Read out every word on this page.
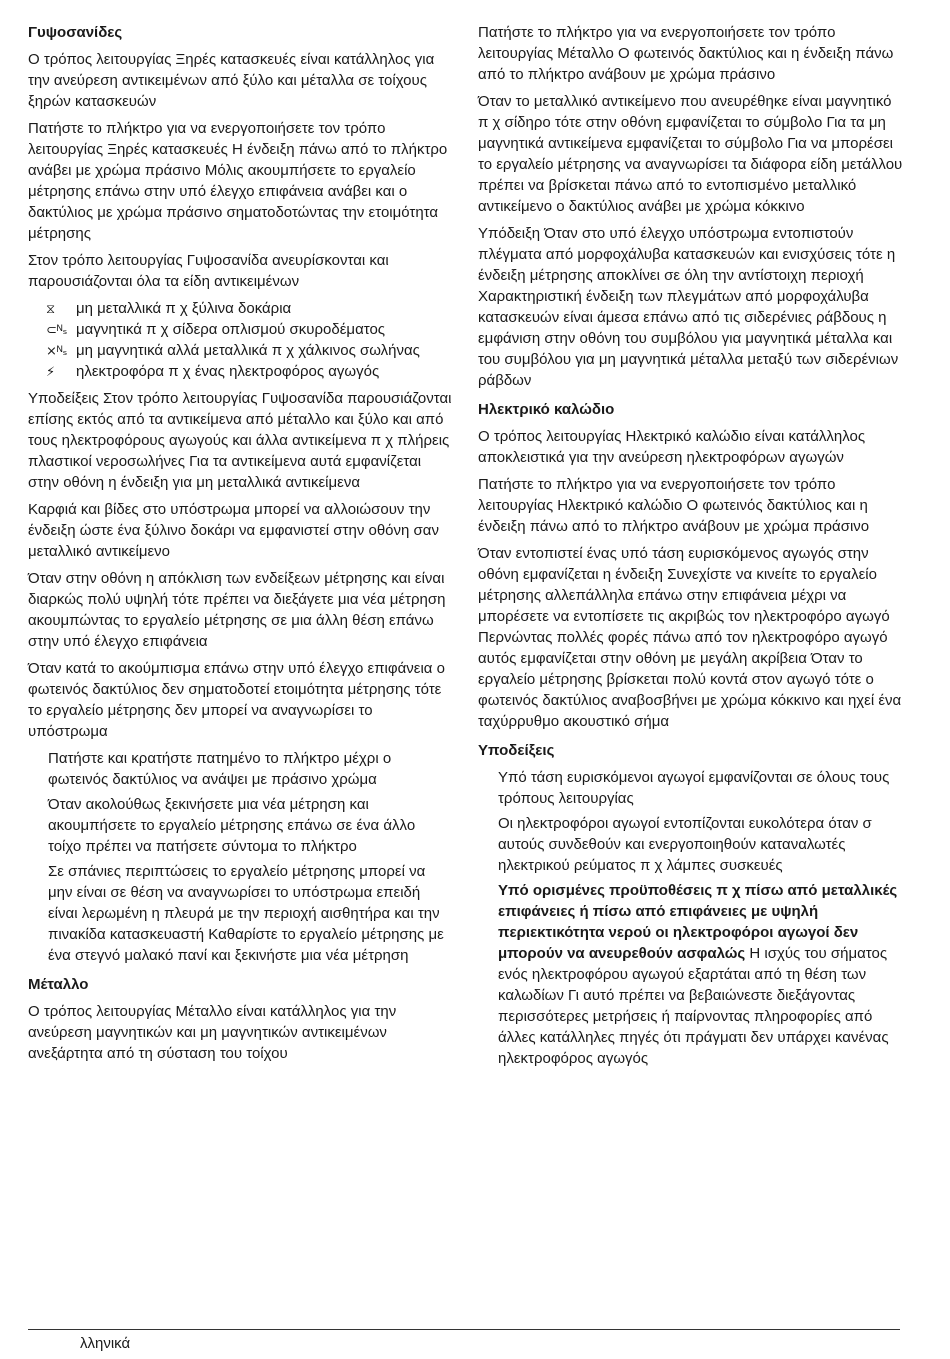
Γυψοσανίδες

Ο τρόπος λειτουργίας Ξηρές κατασκευές είναι κατάλληλος για την ανεύρεση αντικειμένων από ξύλο και μέταλλα σε τοίχους ξηρών κατασκευών

Πατήστε το πλήκτρο για να ενεργοποιήσετε τον τρόπο λειτουργίας Ξηρές κατασκευές Η ένδειξη πάνω από το πλήκτρο ανάβει με χρώμα πράσινο Μόλις ακουμπήσετε το εργαλείο μέτρησης επάνω στην υπό έλεγχο επιφάνεια ανάβει και ο δακτύλιος με χρώμα πράσινο σηματοδοτώντας την ετοιμότητα μέτρησης

Στον τρόπο λειτουργίας Γυψοσανίδα ανευρίσκονται και παρουσιάζονται όλα τα είδη αντικειμένων

⧖	μη μεταλλικά π χ ξύλινα δοκάρια
⊂ᴺₛ μαγνητικά π χ σίδερα οπλισμού σκυροδέματος
⨯ᴺₛ μη μαγνητικά αλλά μεταλλικά π χ χάλκινος σωλήνας
⚡	ηλεκτροφόρα π χ ένας ηλεκτροφόρος αγωγός

Υποδείξεις Στον τρόπο λειτουργίας Γυψοσανίδα παρουσιάζονται επίσης εκτός από τα αντικείμενα από μέταλλο και ξύλο και από τους ηλεκτροφόρους αγωγούς και άλλα αντικείμενα π χ πλήρεις πλαστικοί νεροσωλήνες Για τα αντικείμενα αυτά εμφανίζεται στην οθόνη η ένδειξη για μη μεταλλικά αντικείμενα

Καρφιά και βίδες στο υπόστρωμα μπορεί να αλλοιώσουν την ένδειξη ώστε ένα ξύλινο δοκάρι να εμφανιστεί στην οθόνη σαν μεταλλικό αντικείμενο

Όταν στην οθόνη η απόκλιση των ενδείξεων μέτρησης και είναι διαρκώς πολύ υψηλή τότε πρέπει να διεξάγετε μια νέα μέτρηση ακουμπώντας το εργαλείο μέτρησης σε μια άλλη θέση επάνω στην υπό έλεγχο επιφάνεια

Όταν κατά το ακούμπισμα επάνω στην υπό έλεγχο επιφάνεια ο φωτεινός δακτύλιος δεν σηματοδοτεί ετοιμότητα μέτρησης τότε το εργαλείο μέτρησης δεν μπορεί να αναγνωρίσει το υπόστρωμα

Πατήστε και κρατήστε πατημένο το πλήκτρο μέχρι ο φωτεινός δακτύλιος να ανάψει με πράσινο χρώμα
Όταν ακολούθως ξεκινήσετε μια νέα μέτρηση και ακουμπήσετε το εργαλείο μέτρησης επάνω σε ένα άλλο τοίχο πρέπει να πατήσετε σύντομα το πλήκτρο
Σε σπάνιες περιπτώσεις το εργαλείο μέτρησης μπορεί να μην είναι σε θέση να αναγνωρίσει το υπόστρωμα επειδή είναι λερωμένη η πλευρά με την περιοχή αισθητήρα και την πινακίδα κατασκευαστή Καθαρίστε το εργαλείο μέτρησης με ένα στεγνό μαλακό πανί και ξεκινήστε μια νέα μέτρηση

Μέταλλο

Ο τρόπος λειτουργίας Μέταλλο είναι κατάλληλος για την ανεύρεση μαγνητικών και μη μαγνητικών αντικειμένων ανεξάρτητα από τη σύσταση του τοίχου

Πατήστε το πλήκτρο για να ενεργοποιήσετε τον τρόπο λειτουργίας Μέταλλο Ο φωτεινός δακτύλιος και η ένδειξη πάνω από το πλήκτρο ανάβουν με χρώμα πράσινο

Όταν το μεταλλικό αντικείμενο που ανευρέθηκε είναι μαγνητικό π χ σίδηρο τότε στην οθόνη εμφανίζεται το σύμβολο Για τα μη μαγνητικά αντικείμενα εμφανίζεται το σύμβολο Για να μπορέσει το εργαλείο μέτρησης να αναγνωρίσει τα διάφορα είδη μετάλλου πρέπει να βρίσκεται πάνω από το εντοπισμένο μεταλλικό αντικείμενο ο δακτύλιος ανάβει με χρώμα κόκκινο

Υπόδειξη Όταν στο υπό έλεγχο υπόστρωμα εντοπιστούν πλέγματα από μορφοχάλυβα κατασκευών και ενισχύσεις τότε η ένδειξη μέτρησης αποκλίνει σε όλη την αντίστοιχη περιοχή Χαρακτηριστική ένδειξη των πλεγμάτων από μορφοχάλυβα κατασκευών είναι άμεσα επάνω από τις σιδερένιες ράβδους η εμφάνιση στην οθόνη του συμβόλου για μαγνητικά μέταλλα και του συμβόλου για μη μαγνητικά μέταλλα μεταξύ των σιδερένιων ράβδων

Ηλεκτρικό καλώδιο

Ο τρόπος λειτουργίας Ηλεκτρικό καλώδιο είναι κατάλληλος αποκλειστικά για την ανεύρεση ηλεκτροφόρων αγωγών

Πατήστε το πλήκτρο για να ενεργοποιήσετε τον τρόπο λειτουργίας Ηλεκτρικό καλώδιο Ο φωτεινός δακτύλιος και η ένδειξη πάνω από το πλήκτρο ανάβουν με χρώμα πράσινο

Όταν εντοπιστεί ένας υπό τάση ευρισκόμενος αγωγός στην οθόνη εμφανίζεται η ένδειξη Συνεχίστε να κινείτε το εργαλείο μέτρησης αλλεπάλληλα επάνω στην επιφάνεια μέχρι να μπορέσετε να εντοπίσετε τις ακριβώς τον ηλεκτροφόρο αγωγό Περνώντας πολλές φορές πάνω από τον ηλεκτροφόρο αγωγό αυτός εμφανίζεται στην οθόνη με μεγάλη ακρίβεια Όταν το εργαλείο μέτρησης βρίσκεται πολύ κοντά στον αγωγό τότε ο φωτεινός δακτύλιος αναβοσβήνει με χρώμα κόκκινο και ηχεί ένα ταχύρρυθμο ακουστικό σήμα

Υποδείξεις

Υπό τάση ευρισκόμενοι αγωγοί εμφανίζονται σε όλους τους τρόπους λειτουργίας
Οι ηλεκτροφόροι αγωγοί εντοπίζονται ευκολότερα όταν σ αυτούς συνδεθούν και ενεργοποιηθούν καταναλωτές ηλεκτρικού ρεύματος π χ λάμπες συσκευές
Υπό ορισμένες προϋποθέσεις π χ πίσω από μεταλλικές επιφάνειες ή πίσω από επιφάνειες με υψηλή περιεκτικότητα νερού οι ηλεκτροφόροι αγωγοί δεν μπορούν να ανευρεθούν ασφαλώς Η ισχύς του σήματος ενός ηλεκτροφόρου αγωγού εξαρτάται από τη θέση των καλωδίων Γι αυτό πρέπει να βεβαιώνεστε διεξάγοντας περισσότερες μετρήσεις ή παίρνοντας πληροφορίες από άλλες κατάλληλες πηγές ότι πράγματι δεν υπάρχει κανένας ηλεκτροφόρος αγωγός
λληνικά
